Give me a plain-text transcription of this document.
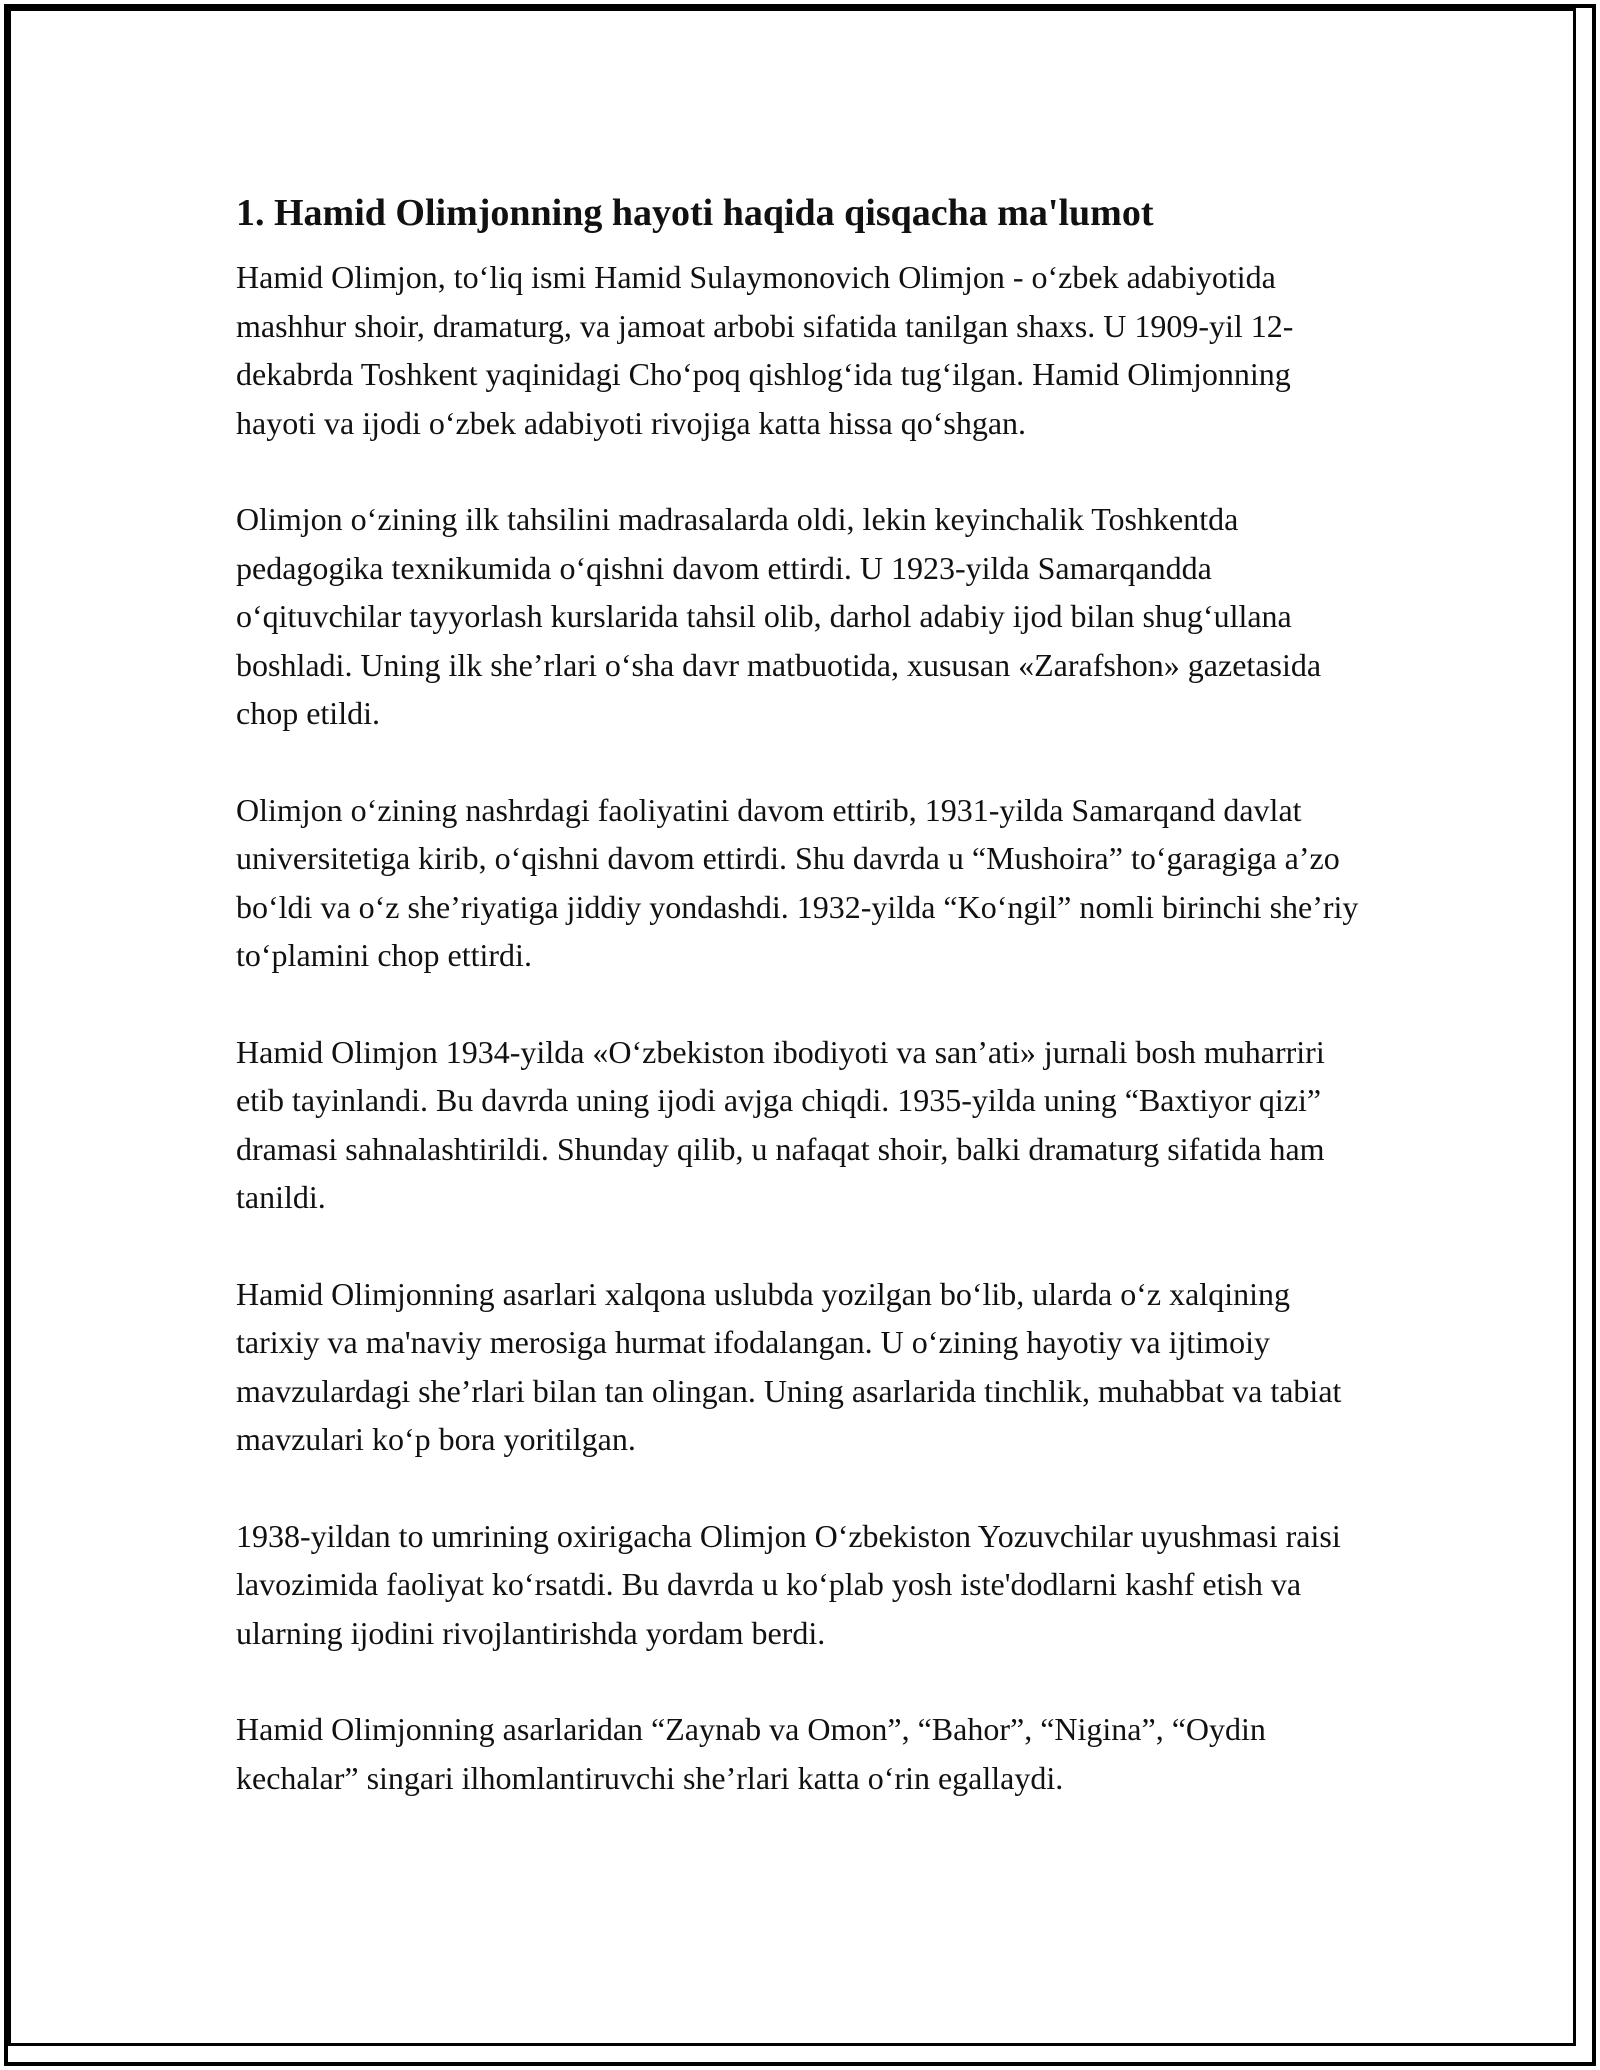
1. Hamid Olimjonning hayoti haqida qisqacha ma'lumot

Hamid Olimjon, to‘liq ismi Hamid Sulaymonovich Olimjon - o‘zbek adabiyotida mashhur shoir, dramaturg, va jamoat arbobi sifatida tanilgan shaxs. U 1909-yil 12-dekabrda Toshkent yaqinidagi Cho‘poq qishlog‘ida tug‘ilgan. Hamid Olimjonning hayoti va ijodi o‘zbek adabiyoti rivojiga katta hissa qo‘shgan.

Olimjon o‘zining ilk tahsilini madrasalarda oldi, lekin keyinchalik Toshkentda pedagogika texnikumida o‘qishni davom ettirdi. U 1923-yilda Samarqandda o‘qituvchilar tayyorlash kurslarida tahsil olib, darhol adabiy ijod bilan shug‘ullana boshladi. Uning ilk she’rlari o‘sha davr matbuotida, xususan «Zarafshon» gazetasida chop etildi.

Olimjon o‘zining nashrdagi faoliyatini davom ettirib, 1931-yilda Samarqand davlat universitetiga kirib, o‘qishni davom ettirdi. Shu davrda u “Mushoira” to‘garagiga a’zo bo‘ldi va o‘z she’riyatiga jiddiy yondashdi. 1932-yilda “Ko‘ngil” nomli birinchi she’riy to‘plamini chop ettirdi.

Hamid Olimjon 1934-yilda «O‘zbekiston ibodiyoti va san’ati» jurnali bosh muharriri etib tayinlandi. Bu davrda uning ijodi avjga chiqdi. 1935-yilda uning “Baxtiyor qizi” dramasi sahnalashtirildi. Shunday qilib, u nafaqat shoir, balki dramaturg sifatida ham tanildi.

Hamid Olimjonning asarlari xalqona uslubda yozilgan bo‘lib, ularda o‘z xalqining tarixiy va ma'naviy merosiga hurmat ifodalangan. U o‘zining hayotiy va ijtimoiy mavzulardagi she’rlari bilan tan olingan. Uning asarlarida tinchlik, muhabbat va tabiat mavzulari ko‘p bora yoritilgan.

1938-yildan to umrining oxirigacha Olimjon O‘zbekiston Yozuvchilar uyushmasi raisi lavozimida faoliyat ko‘rsatdi. Bu davrda u ko‘plab yosh iste'dodlarni kashf etish va ularning ijodini rivojlantirishda yordam berdi.

Hamid Olimjonning asarlaridan “Zaynab va Omon”, “Bahor”, “Nigina”, “Oydin kechalar” singari ilhomlantiruvchi she’rlari katta o‘rin egallaydi.
